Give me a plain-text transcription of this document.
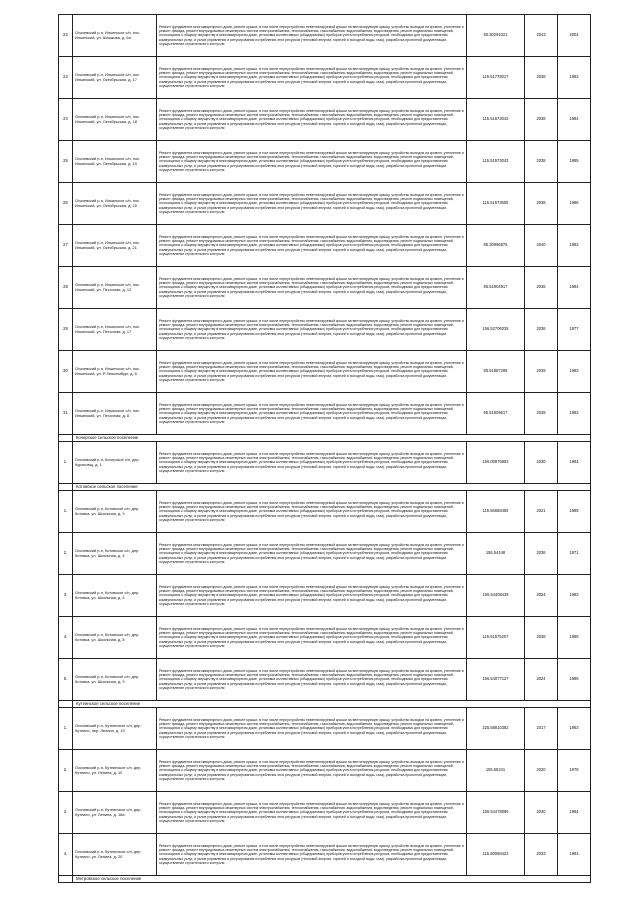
22	Охочевский р-н, Ильинское с/п, пос. Ильинский, ул. Шашкова, д. 6а	Ремонт фундамента многоквартирного дома, ремонт крыши, в том числе переустройство невентилируемой крыши на вентилируемую крышу, устройство выходов на кровлю, утепление и ремонт фасада, ремонт внутридомовых инженерных систем электроснабжения, теплоснабжения, газоснабжения, водоснабжения, водоотведения, ремонт подвальных помещений, относящихся к общему имуществу в многоквартирном доме, установка коллективных (общедомовых) приборов учета потребления ресурсов, необходимых для предоставления коммунальных услуг, и узлов управления и регулирования потребления этих ресурсов (тепловой энергии, горячей и холодной воды, газа), разработка проектной документации, осуществление строительного контроля	50.30291021	2043	2004
23	Охочевский р-н, Ильинское с/п, пос. Ильинский, ул. Октябрьская, д. 17	Ремонт фундамента многоквартирного дома, ремонт крыши, в том числе переустройство невентилируемой крыши на вентилируемую крышу, устройство выходов на кровлю, утепление и ремонт фасада, ремонт внутридомовых инженерных систем электроснабжения, теплоснабжения, газоснабжения, водоснабжения, водоотведения, ремонт подвальных помещений, относящихся к общему имуществу в многоквартирном доме, установка коллективных (общедомовых) приборов учета потребления ресурсов, необходимых для предоставления коммунальных услуг, и узлов управления и регулирования потребления этих ресурсов (тепловой энергии, горячей и холодной воды, газа), разработка проектной документации, осуществление строительного контроля	115.51778017	2038	1983
24	Охочевский р-н, Ильинское с/п, пос. Ильинский, ул. Октябрьская, д. 18	Ремонт фундамента многоквартирного дома, ремонт крыши, в том числе переустройство невентилируемой крыши на вентилируемую крышу, устройство выходов на кровлю, утепление и ремонт фасада, ремонт внутридомовых инженерных систем электроснабжения, теплоснабжения, газоснабжения, водоснабжения, водоотведения, ремонт подвальных помещений, относящихся к общему имуществу в многоквартирном доме, установка коллективных (общедомовых) приборов учета потребления ресурсов, необходимых для предоставления коммунальных услуг, и узлов управления и регулирования потребления этих ресурсов (тепловой энергии, горячей и холодной воды, газа), разработка проектной документации, осуществление строительного контроля	115.51573043	2038	1984
25	Охочевский р-н, Ильинское с/п, пос. Ильинский, ул. Октябрьская, д. 19	Ремонт фундамента многоквартирного дома, ремонт крыши, в том числе переустройство невентилируемой крыши на вентилируемую крышу, устройство выходов на кровлю, утепление и ремонт фасада, ремонт внутридомовых инженерных систем электроснабжения, теплоснабжения, газоснабжения, водоснабжения, водоотведения, ремонт подвальных помещений, относящихся к общему имуществу в многоквартирном доме, установка коллективных (общедомовых) приборов учета потребления ресурсов, необходимых для предоставления коммунальных услуг, и узлов управления и регулирования потребления этих ресурсов (тепловой энергии, горячей и холодной воды, газа), разработка проектной документации, осуществление строительного контроля	115.51573043	2038	1985
26	Охочевский р-н, Ильинское с/п, пос. Ильинский, ул. Октябрьская, д. 20	Ремонт фундамента многоквартирного дома, ремонт крыши, в том числе переустройство невентилируемой крыши на вентилируемую крышу, устройство выходов на кровлю, утепление и ремонт фасада, ремонт внутридомовых инженерных систем электроснабжения, теплоснабжения, газоснабжения, водоснабжения, водоотведения, ремонт подвальных помещений, относящихся к общему имуществу в многоквартирном доме, установка коллективных (общедомовых) приборов учета потребления ресурсов, необходимых для предоставления коммунальных услуг, и узлов управления и регулирования потребления этих ресурсов (тепловой энергии, горячей и холодной воды, газа), разработка проектной документации, осуществление строительного контроля	115.51573605	2038	1986
27	Охочевский р-н, Ильинское с/п, пос. Ильинский, ул. Октябрьская, д. 21	Ремонт фундамента многоквартирного дома, ремонт крыши, в том числе переустройство невентилируемой крыши на вентилируемую крышу, устройство выходов на кровлю, утепление и ремонт фасада, ремонт внутридомовых инженерных систем электроснабжения, теплоснабжения, газоснабжения, водоснабжения, водоотведения, ремонт подвальных помещений, относящихся к общему имуществу в многоквартирном доме, установка коллективных (общедомовых) приборов учета потребления ресурсов, необходимых для предоставления коммунальных услуг, и узлов управления и регулирования потребления этих ресурсов (тепловой энергии, горячей и холодной воды, газа), разработка проектной документации, осуществление строительного контроля	85.30996876	2040	1983
28	Охочевский р-н, Ильинское с/п, пос. Ильинский, ул. Песочная, д. 12	Ремонт фундамента многоквартирного дома, ремонт крыши, в том числе переустройство невентилируемой крыши на вентилируемую крышу, устройство выходов на кровлю, утепление и ремонт фасада, ремонт внутридомовых инженерных систем электроснабжения, теплоснабжения, газоснабжения, водоснабжения, водоотведения, ремонт подвальных помещений, относящихся к общему имуществу в многоквартирном доме, установка коллективных (общедомовых) приборов учета потребления ресурсов, необходимых для предоставления коммунальных услуг, и узлов управления и регулирования потребления этих ресурсов (тепловой энергии, горячей и холодной воды, газа), разработка проектной документации, осуществление строительного контроля	95.51904917	2036	1984
29	Охочевский р-н, Ильинское с/п, пос. Ильинский, ул. Песочная, д. 17	Ремонт фундамента многоквартирного дома, ремонт крыши, в том числе переустройство невентилируемой крыши на вентилируемую крышу, устройство выходов на кровлю, утепление и ремонт фасада, ремонт внутридомовых инженерных систем электроснабжения, теплоснабжения, газоснабжения, водоснабжения, водоотведения, ремонт подвальных помещений, относящихся к общему имуществу в многоквартирном доме, установка коллективных (общедомовых) приборов учета потребления ресурсов, необходимых для предоставления коммунальных услуг, и узлов управления и регулирования потребления этих ресурсов (тепловой энергии, горячей и холодной воды, газа), разработка проектной документации, осуществление строительного контроля	156.52706035	2036	1977
30	Охочевский р-н, Ильинское с/п, пос. Ильинский, ул. Р. Люксембург, д. 6	Ремонт фундамента многоквартирного дома, ремонт крыши, в том числе переустройство невентилируемой крыши на вентилируемую крышу, устройство выходов на кровлю, утепление и ремонт фасада, ремонт внутридомовых инженерных систем электроснабжения, теплоснабжения, газоснабжения, водоснабжения, водоотведения, ремонт подвальных помещений, относящихся к общему имуществу в многоквартирном доме, установка коллективных (общедомовых) приборов учета потребления ресурсов, необходимых для предоставления коммунальных услуг, и узлов управления и регулирования потребления этих ресурсов (тепловой энергии, горячей и холодной воды, газа), разработка проектной документации, осуществление строительного контроля	95.51887285	2039	1983
31	Охочевский р-н, Ильинское с/п, пос. Ильинский, ул. Песочная, д. 8	Ремонт фундамента многоквартирного дома, ремонт крыши, в том числе переустройство невентилируемой крыши на вентилируемую крышу, устройство выходов на кровлю, утепление и ремонт фасада, ремонт внутридомовых инженерных систем электроснабжения, теплоснабжения, газоснабжения, водоснабжения, водоотведения, ремонт подвальных помещений, относящихся к общему имуществу в многоквартирном доме, установка коллективных (общедомовых) приборов учета потребления ресурсов, необходимых для предоставления коммунальных услуг, и узлов управления и регулирования потребления этих ресурсов (тепловой энергии, горячей и холодной воды, газа), разработка проектной документации, осуществление строительного контроля	95.51909517	2039	1983
	Кочерское сельское поселение				
1.	Охочевский р-н, Кочерское с/п, дер. Курасовщ, д. 1	Ремонт фундамента многоквартирного дома, ремонт крыши, в том числе переустройство невентилируемой крыши на вентилируемую крышу, устройство выходов на кровлю, утепление и ремонт фасада, ремонт внутридомовых инженерных систем электроснабжения, теплоснабжения, газоснабжения, водоснабжения, водоотведения, ремонт подвальных помещений, относящихся к общему имуществу в многоквартирном доме, установка коллективных (общедомовых) приборов учета потребления ресурсов, необходимых для предоставления коммунальных услуг, и узлов управления и регулирования потребления этих ресурсов (тепловой энергии, горячей и холодной воды, газа), разработка проектной документации, осуществление строительного контроля	156.00876992	2030	1984
	Котовское сельское поселение				
1.	Охочевский р-н, Котовское с/п, дер. Котовка, ул. Школьная, д. 3	Ремонт фундамента многоквартирного дома, ремонт крыши, в том числе переустройство невентилируемой крыши на вентилируемую крышу, устройство выходов на кровлю, утепление и ремонт фасада, ремонт внутридомовых инженерных систем электроснабжения, теплоснабжения, газоснабжения, водоснабжения, водоотведения, ремонт подвальных помещений, относящихся к общему имуществу в многоквартирном доме, установка коллективных (общедомовых) приборов учета потребления ресурсов, необходимых для предоставления коммунальных услуг, и узлов управления и регулирования потребления этих ресурсов (тепловой энергии, горячей и холодной воды, газа), разработка проектной документации, осуществление строительного контроля	115.56668459	2021	1985
2.	Охочевский р-н, Котовское с/п, дер. Котовка, ул. Школьная, д. 4	Ремонт фундамента многоквартирного дома, ремонт крыши, в том числе переустройство невентилируемой крыши на вентилируемую крышу, устройство выходов на кровлю, утепление и ремонт фасада, ремонт внутридомовых инженерных систем электроснабжения, теплоснабжения, газоснабжения, водоснабжения, водоотведения, ремонт подвальных помещений, относящихся к общему имуществу в многоквартирном доме, установка коллективных (общедомовых) приборов учета потребления ресурсов, необходимых для предоставления коммунальных услуг, и узлов управления и регулирования потребления этих ресурсов (тепловой энергии, горячей и холодной воды, газа), разработка проектной документации, осуществление строительного контроля	155.54448	2036	1971
3.	Охочевский р-н, Котовское с/п, дер. Котовка, ул. Школьная, д. 5	Ремонт фундамента многоквартирного дома, ремонт крыши, в том числе переустройство невентилируемой крыши на вентилируемую крышу, устройство выходов на кровлю, утепление и ремонт фасада, ремонт внутридомовых инженерных систем электроснабжения, теплоснабжения, газоснабжения, водоснабжения, водоотведения, ремонт подвальных помещений, относящихся к общему имуществу в многоквартирном доме, установка коллективных (общедомовых) приборов учета потребления ресурсов, необходимых для предоставления коммунальных услуг, и узлов управления и регулирования потребления этих ресурсов (тепловой энергии, горячей и холодной воды, газа), разработка проектной документации, осуществление строительного контроля	156.54408439	2024	1983
4.	Охочевский р-н, Котовское с/п, дер. Котовка, ул. Школьная, д. 8	Ремонт фундамента многоквартирного дома, ремонт крыши, в том числе переустройство невентилируемой крыши на вентилируемую крышу, устройство выходов на кровлю, утепление и ремонт фасада, ремонт внутридомовых инженерных систем электроснабжения, теплоснабжения, газоснабжения, водоснабжения, водоотведения, ремонт подвальных помещений, относящихся к общему имуществу в многоквартирном доме, установка коллективных (общедомовых) приборов учета потребления ресурсов, необходимых для предоставления коммунальных услуг, и узлов управления и регулирования потребления этих ресурсов (тепловой энергии, горячей и холодной воды, газа), разработка проектной документации, осуществление строительного контроля	115.51575207	2038	1985
5.	Охочевский р-н, Котовское с/п, дер. Котовка, ул. Школьная, д. 9	Ремонт фундамента многоквартирного дома, ремонт крыши, в том числе переустройство невентилируемой крыши на вентилируемую крышу, устройство выходов на кровлю, утепление и ремонт фасада, ремонт внутридомовых инженерных систем электроснабжения, теплоснабжения, газоснабжения, водоснабжения, водоотведения, ремонт подвальных помещений, относящихся к общему имуществу в многоквартирном доме, установка коллективных (общедомовых) приборов учета потребления ресурсов, необходимых для предоставления коммунальных услуг, и узлов управления и регулирования потребления этих ресурсов (тепловой энергии, горячей и холодной воды, газа), разработка проектной документации, осуществление строительного контроля	156.54077127	2024	1989
	Кутеинское сельское поселение				
1.	Охочевский р-н, Кутеинское с/п, дер. Кутеино, пер. Ленина, д. 19	Ремонт фундамента многоквартирного дома, ремонт крыши, в том числе переустройство невентилируемой крыши на вентилируемую крышу, устройство выходов на кровлю, утепление и ремонт фасада, ремонт внутридомовых инженерных систем электроснабжения, теплоснабжения, газоснабжения, водоснабжения, водоотведения, ремонт подвальных помещений, относящихся к общему имуществу в многоквартирном доме, установка коллективных (общедомовых) приборов учета потребления ресурсов, необходимых для предоставления коммунальных услуг, и узлов управления и регулирования потребления этих ресурсов (тепловой энергии, горячей и холодной воды, газа), разработка проектной документации, осуществление строительного контроля	225.58810382	2017	1963
2.	Охочевский р-н, Кутеинское с/п, дер. Кутеино, ул. Ленина, д. 10	Ремонт фундамента многоквартирного дома, ремонт крыши, в том числе переустройство невентилируемой крыши на вентилируемую крышу, устройство выходов на кровлю, утепление и ремонт фасада, ремонт внутридомовых инженерных систем электроснабжения, теплоснабжения, газоснабжения, водоснабжения, водоотведения, ремонт подвальных помещений, относящихся к общему имуществу в многоквартирном доме, установка коллективных (общедомовых) приборов учета потребления ресурсов, необходимых для предоставления коммунальных услуг, и узлов управления и регулирования потребления этих ресурсов (тепловой энергии, горячей и холодной воды, газа), разработка проектной документации, осуществление строительного контроля	155.55341	2020	1978
3.	Охочевский р-н, Кутеинское с/п, дер. Кутеино, ул. Ленина, д. 18а	Ремонт фундамента многоквартирного дома, ремонт крыши, в том числе переустройство невентилируемой крыши на вентилируемую крышу, устройство выходов на кровлю, утепление и ремонт фасада, ремонт внутридомовых инженерных систем электроснабжения, теплоснабжения, газоснабжения, водоснабжения, водоотведения, ремонт подвальных помещений, относящихся к общему имуществу в многоквартирном доме, установка коллективных (общедомовых) приборов учета потребления ресурсов, необходимых для предоставления коммунальных услуг, и узлов управления и регулирования потребления этих ресурсов (тепловой энергии, горячей и холодной воды, газа), разработка проектной документации, осуществление строительного контроля	155.54478086	2030	1984
4.	Охочевский р-н, Кутеинское с/п, дер. Кутеино, ул. Ленина, д. 20	Ремонт фундамента многоквартирного дома, ремонт крыши, в том числе переустройство невентилируемой крыши на вентилируемую крышу, устройство выходов на кровлю, утепление и ремонт фасада, ремонт внутридомовых инженерных систем электроснабжения, теплоснабжения, газоснабжения, водоснабжения, водоотведения, ремонт подвальных помещений, относящихся к общему имуществу в многоквартирном доме, установка коллективных (общедомовых) приборов учета потребления ресурсов, необходимых для предоставления коммунальных услуг, и узлов управления и регулирования потребления этих ресурсов (тепловой энергии, горячей и холодной воды, газа), разработка проектной документации, осуществление строительного контроля	115.50068423	2033	1981
	Метровское сельское поселение				
